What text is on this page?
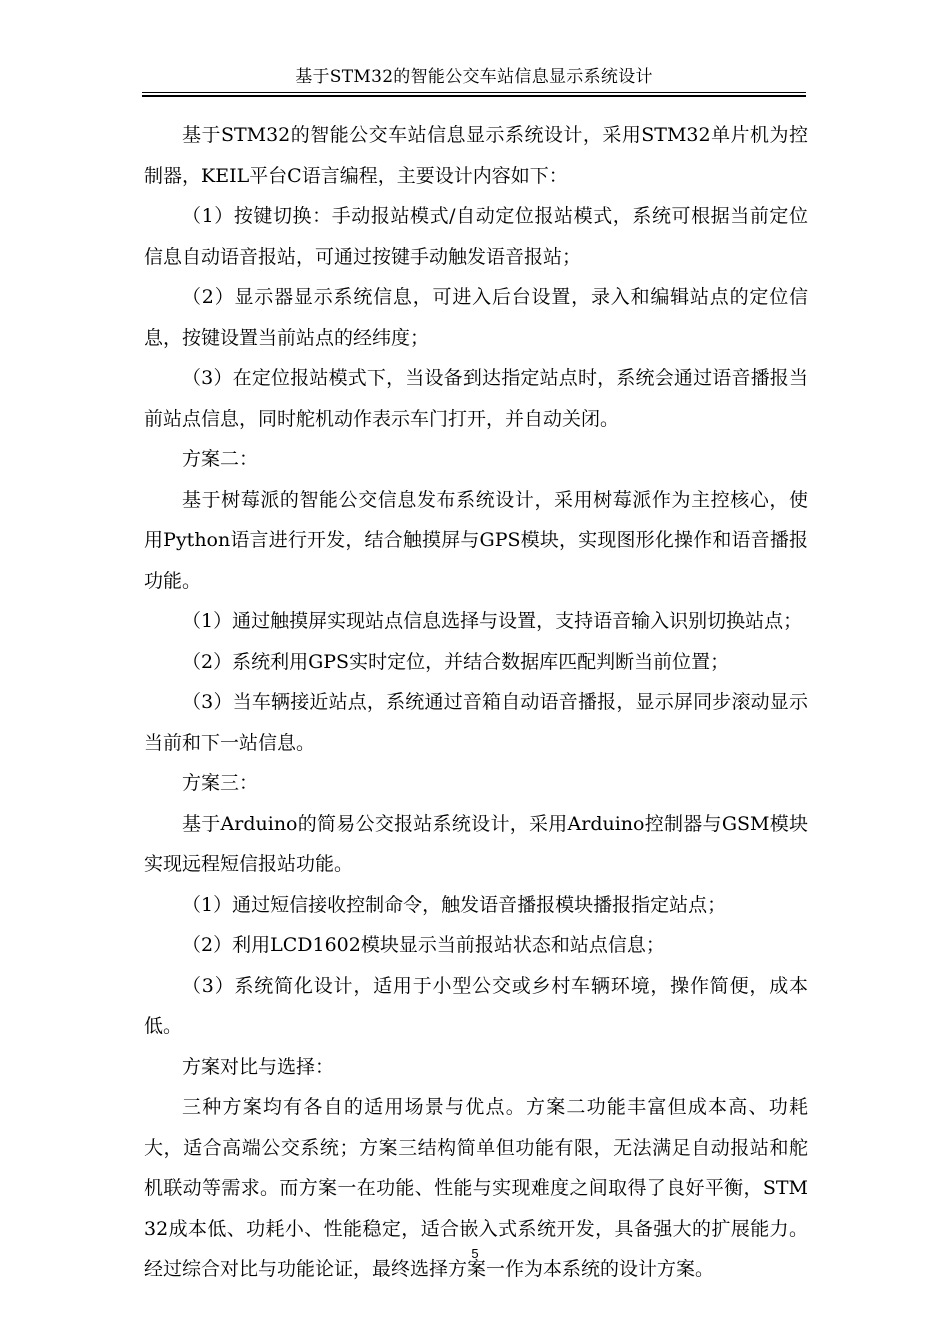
基于STM32的智能公交车站信息显示系统设计

基于STM32的智能公交车站信息显示系统设计，采用STM32单片机为控制器，KEIL平台C语言编程，主要设计内容如下：

（1）按键切换：手动报站模式/自动定位报站模式，系统可根据当前定位信息自动语音报站，可通过按键手动触发语音报站；

（2）显示器显示系统信息，可进入后台设置，录入和编辑站点的定位信息，按键设置当前站点的经纬度；

（3）在定位报站模式下，当设备到达指定站点时，系统会通过语音播报当前站点信息，同时舵机动作表示车门打开，并自动关闭。

方案二：

基于树莓派的智能公交信息发布系统设计，采用树莓派作为主控核心，使用Python语言进行开发，结合触摸屏与GPS模块，实现图形化操作和语音播报功能。

（1）通过触摸屏实现站点信息选择与设置，支持语音输入识别切换站点；

（2）系统利用GPS实时定位，并结合数据库匹配判断当前位置；

（3）当车辆接近站点，系统通过音箱自动语音播报，显示屏同步滚动显示当前和下一站信息。

方案三：

基于Arduino的简易公交报站系统设计，采用Arduino控制器与GSM模块实现远程短信报站功能。

（1）通过短信接收控制命令，触发语音播报模块播报指定站点；

（2）利用LCD1602模块显示当前报站状态和站点信息；

（3）系统简化设计，适用于小型公交或乡村车辆环境，操作简便，成本低。

方案对比与选择：

三种方案均有各自的适用场景与优点。方案二功能丰富但成本高、功耗大，适合高端公交系统；方案三结构简单但功能有限，无法满足自动报站和舵机联动等需求。而方案一在功能、性能与实现难度之间取得了良好平衡，STM32成本低、功耗小、性能稳定，适合嵌入式系统开发，具备强大的扩展能力。经过综合对比与功能论证，最终选择方案一作为本系统的设计方案。

5
